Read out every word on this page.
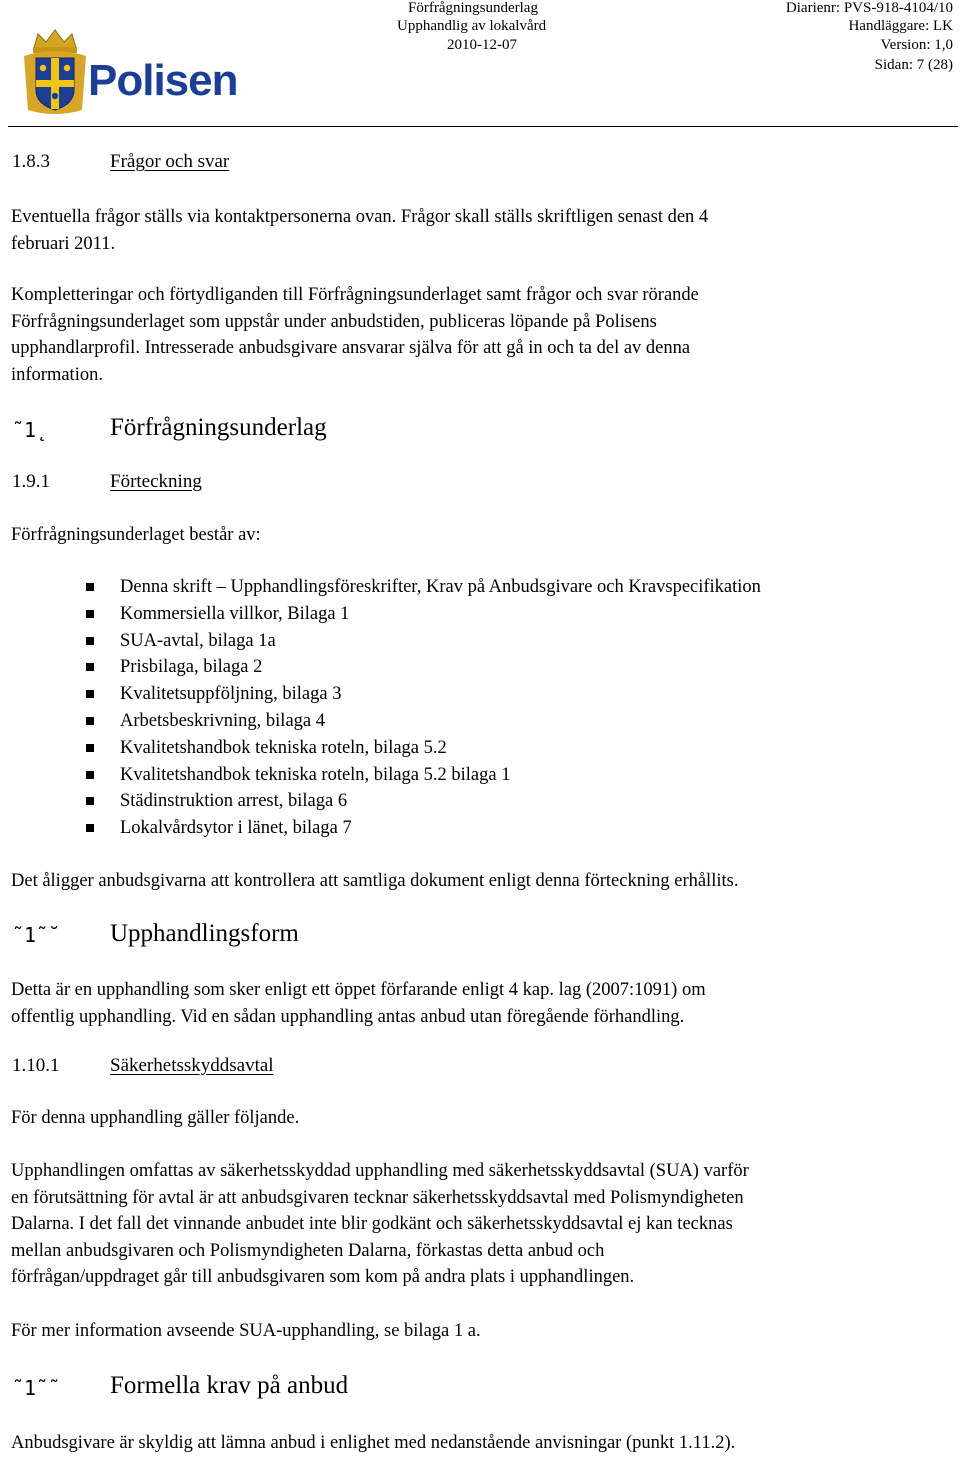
Polisen
Förfrågningsunderlag
Upphandlig av lokalvård
2010-12-07
Diarienr: PVS-918-4104/10
Handläggare: LK
Version: 1,0
Sidan: 7 (28)
1.8.3	Frågor och svar
Eventuella frågor ställs via kontaktpersonerna ovan. Frågor skall ställs skriftligen senast den 4
februari 2011.
Kompletteringar och förtydliganden till Förfrågningsunderlaget samt frågor och svar rörande
Förfrågningsunderlaget som uppstår under anbudstiden, publiceras löpande på Polisens
upphandlarprofil. Intresserade anbudsgivare ansvarar själva för att gå in och ta del av denna
information.
˜1˛ Förfrågningsunderlag
1.9.1	Förteckning
Förfrågningsunderlaget består av:
Denna skrift – Upphandlingsföreskrifter, Krav på Anbudsgivare och Kravspecifikation
Kommersiella villkor, Bilaga 1
SUA-avtal, bilaga 1a
Prisbilaga, bilaga 2
Kvalitetsuppföljning, bilaga 3
Arbetsbeskrivning, bilaga 4
Kvalitetshandbok tekniska roteln, bilaga 5.2
Kvalitetshandbok tekniska roteln, bilaga 5.2 bilaga 1
Städinstruktion arrest, bilaga 6
Lokalvårdsytor i länet, bilaga 7
Det åligger anbudsgivarna att kontrollera att samtliga dokument enligt denna förteckning erhållits.
˜1˜˘ Upphandlingsform
Detta är en upphandling som sker enligt ett öppet förfarande enligt 4 kap. lag (2007:1091) om
offentlig upphandling. Vid en sådan upphandling antas anbud utan föregående förhandling.
1.10.1	Säkerhetsskyddsavtal
För denna upphandling gäller följande.
Upphandlingen omfattas av säkerhetsskyddad upphandling med säkerhetsskyddsavtal (SUA) varför
en förutsättning för avtal är att anbudsgivaren tecknar säkerhetsskyddsavtal med Polismyndigheten
Dalarna. I det fall det vinnande anbudet inte blir godkänt och säkerhetsskyddsavtal ej kan tecknas
mellan anbudsgivaren och Polismyndigheten Dalarna, förkastas detta anbud och
förfrågan/uppdraget går till anbudsgivaren som kom på andra plats i upphandlingen.
För mer information avseende SUA-upphandling, se bilaga 1 a.
˜1˜˜ Formella krav på anbud
Anbudsgivare är skyldig att lämna anbud i enlighet med nedanstående anvisningar (punkt 1.11.2).
